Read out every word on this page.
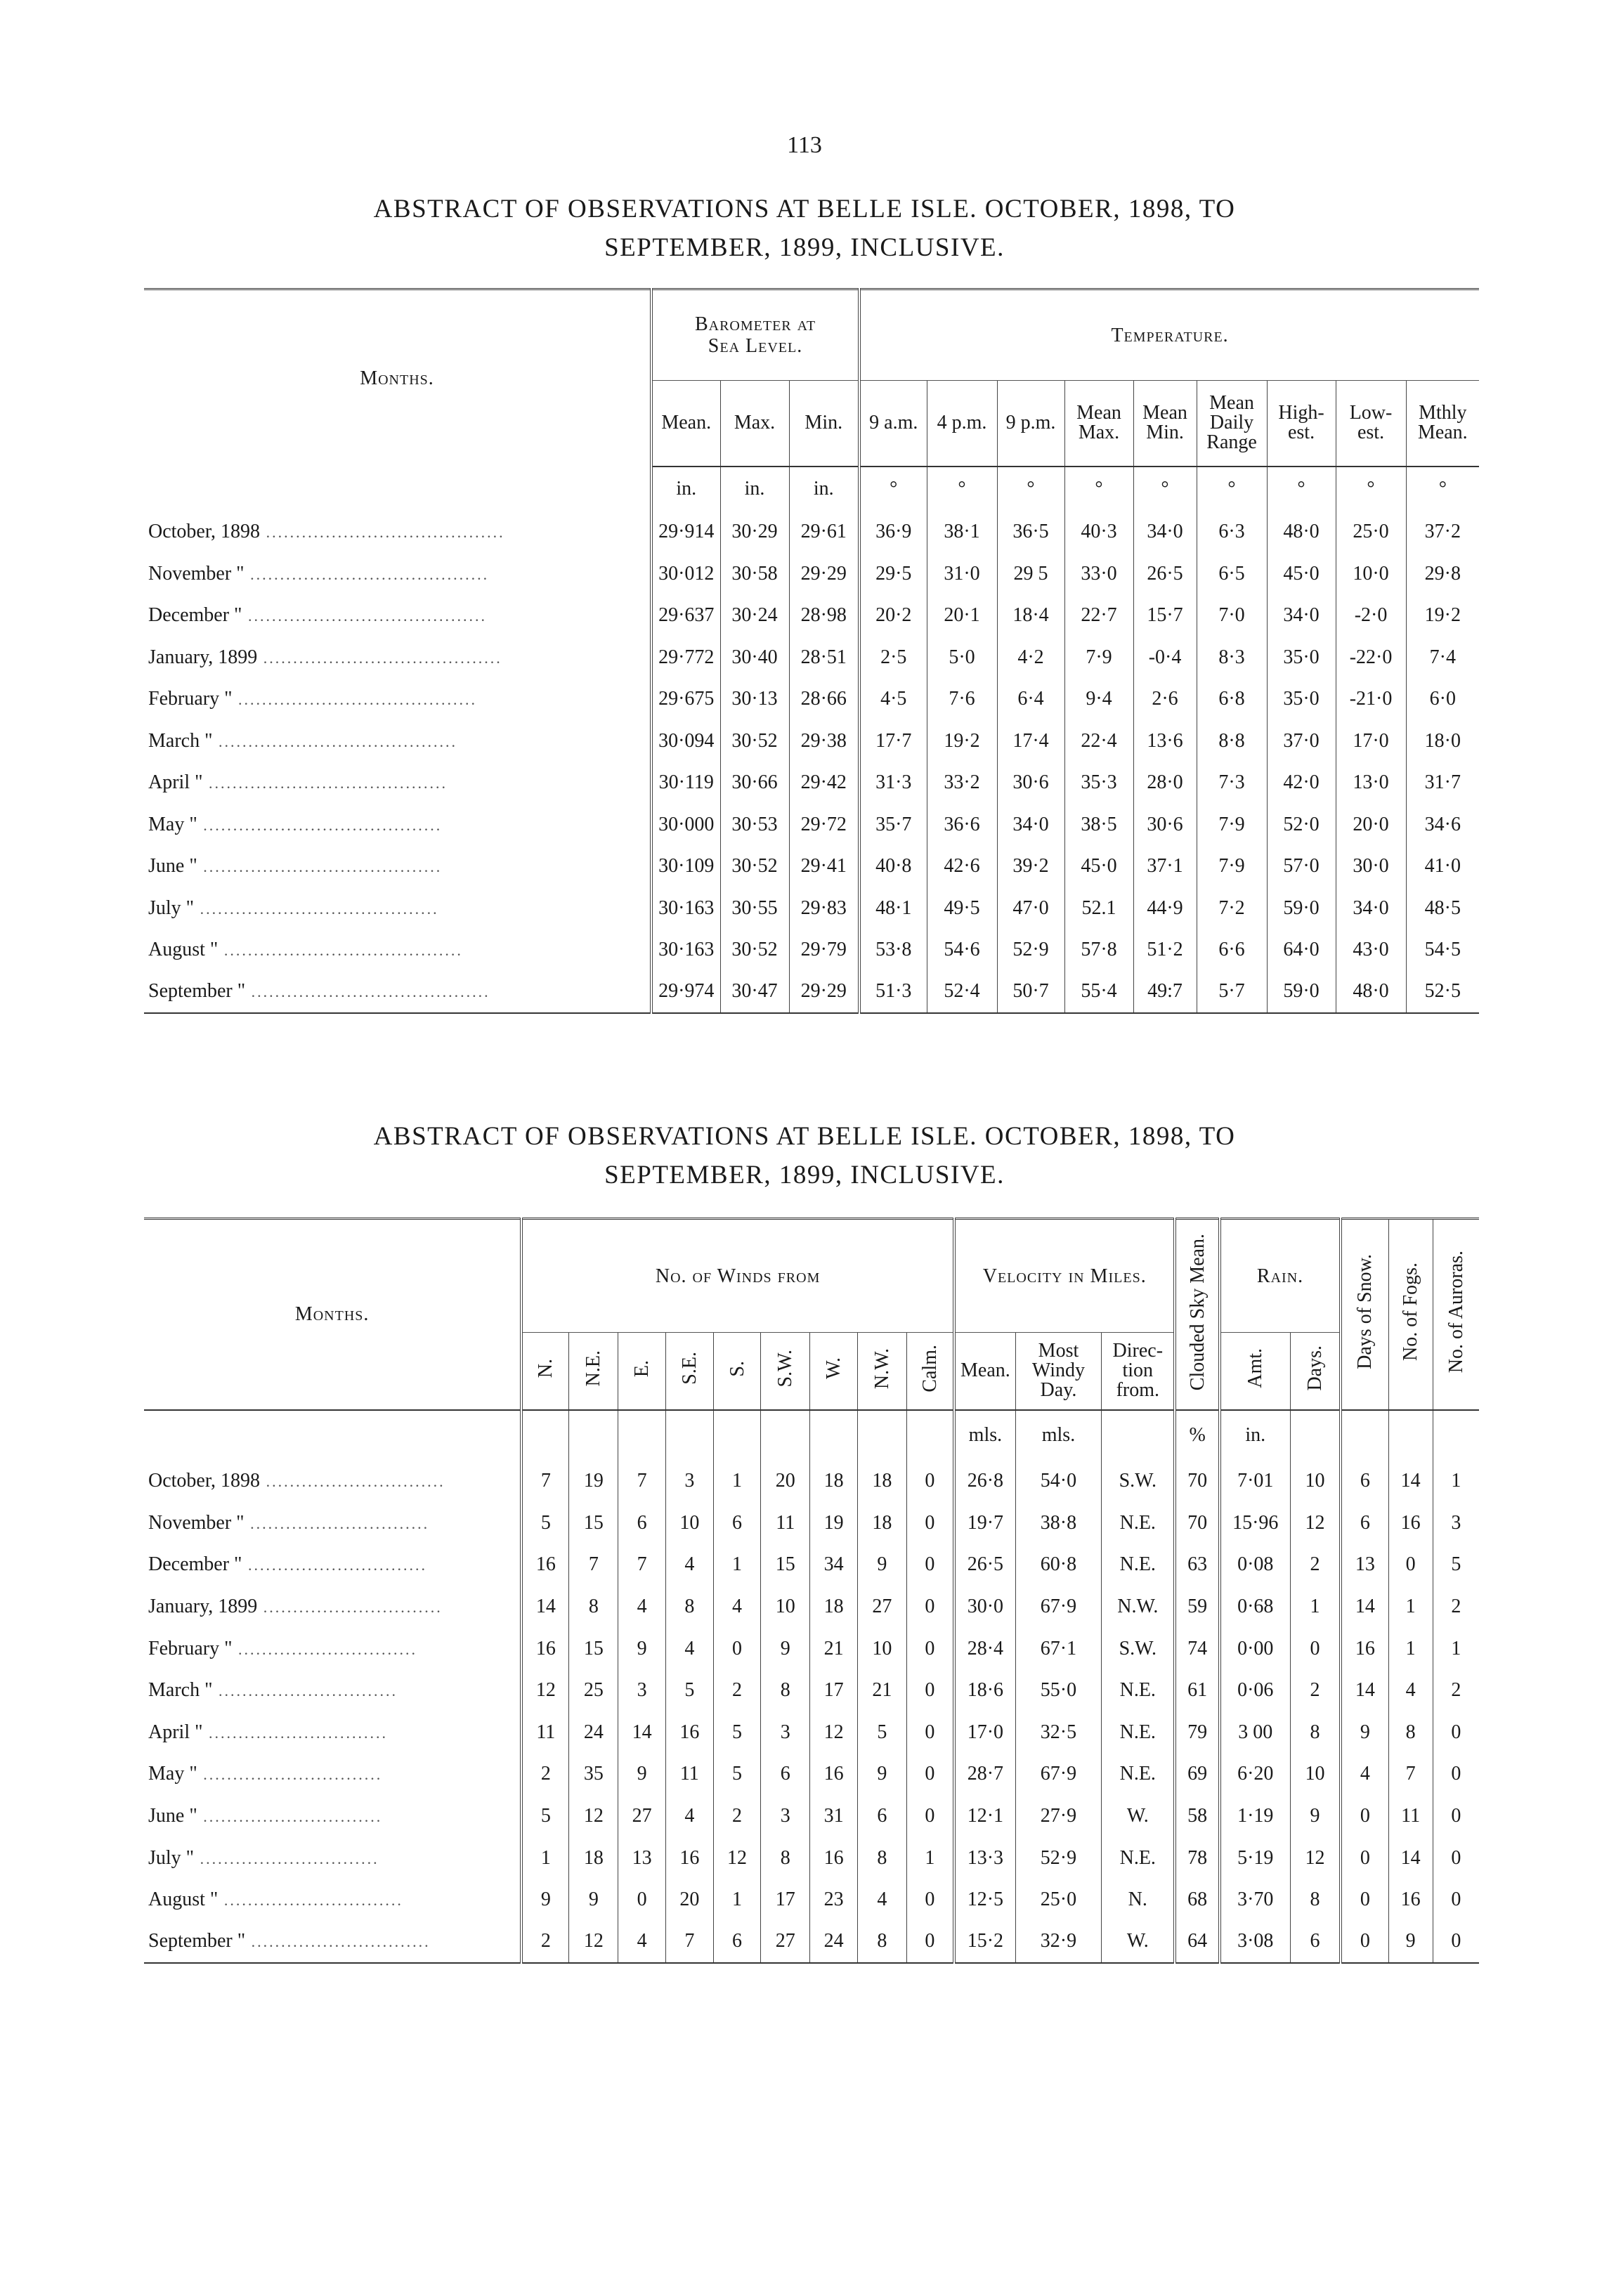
113
ABSTRACT OF OBSERVATIONS AT BELLE ISLE. OCTOBER, 1898, TO
SEPTEMBER, 1899, INCLUSIVE.
Months.	Barometer at Sea Level.			Temperature.								
	Mean.	Max.	Min.	9 a.m.	4 p.m.	9 p.m.	Mean Max.	Mean Min.	Mean Daily Range	High-est.	Low-est.	Mthly Mean.
	in.	in.	in.	°	°	°	°	°	°	°	°	°
October, 1898 ........................................	29·914	30·29	29·61	36·9	38·1	36·5	40·3	34·0	6·3	48·0	25·0	37·2
November " ........................................	30·012	30·58	29·29	29·5	31·0	29 5	33·0	26·5	6·5	45·0	10·0	29·8
December " ........................................	29·637	30·24	28·98	20·2	20·1	18·4	22·7	15·7	7·0	34·0	-2·0	19·2
January, 1899 ........................................	29·772	30·40	28·51	2·5	5·0	4·2	7·9	-0·4	8·3	35·0	-22·0	7·4
February " ........................................	29·675	30·13	28·66	4·5	7·6	6·4	9·4	2·6	6·8	35·0	-21·0	6·0
March " ........................................	30·094	30·52	29·38	17·7	19·2	17·4	22·4	13·6	8·8	37·0	17·0	18·0
April " ........................................	30·119	30·66	29·42	31·3	33·2	30·6	35·3	28·0	7·3	42·0	13·0	31·7
May " ........................................	30·000	30·53	29·72	35·7	36·6	34·0	38·5	30·6	7·9	52·0	20·0	34·6
June " ........................................	30·109	30·52	29·41	40·8	42·6	39·2	45·0	37·1	7·9	57·0	30·0	41·0
July " ........................................	30·163	30·55	29·83	48·1	49·5	47·0	52.1	44·9	7·2	59·0	34·0	48·5
August " ........................................	30·163	30·52	29·79	53·8	54·6	52·9	57·8	51·2	6·6	64·0	43·0	54·5
September " ........................................	29·974	30·47	29·29	51·3	52·4	50·7	55·4	49:7	5·7	59·0	48·0	52·5
ABSTRACT OF OBSERVATIONS AT BELLE ISLE. OCTOBER, 1898, TO
SEPTEMBER, 1899, INCLUSIVE.
Months.	No. of Winds from									Velocity in Miles.			Clouded Sky Mean.	Rain.		Days of Snow.	No. of Fogs.	No. of Auroras.
	N.	N.E.	E.	S.E.	S.	S.W.	W.	N.W.	Calm.	Mean.	Most Windy Day.	Direc-tion from.		Amt.	Days.			
										mls.	mls.		%	in.				
October, 1898 ..............................	7	19	7	3	1	20	18	18	0	26·8	54·0	S.W.	70	7·01	10	6	14	1
November " ..............................	5	15	6	10	6	11	19	18	0	19·7	38·8	N.E.	70	15·96	12	6	16	3
December " ..............................	16	7	7	4	1	15	34	9	0	26·5	60·8	N.E.	63	0·08	2	13	0	5
January, 1899 ..............................	14	8	4	8	4	10	18	27	0	30·0	67·9	N.W.	59	0·68	1	14	1	2
February " ..............................	16	15	9	4	0	9	21	10	0	28·4	67·1	S.W.	74	0·00	0	16	1	1
March " ..............................	12	25	3	5	2	8	17	21	0	18·6	55·0	N.E.	61	0·06	2	14	4	2
April " ..............................	11	24	14	16	5	3	12	5	0	17·0	32·5	N.E.	79	3 00	8	9	8	0
May " ..............................	2	35	9	11	5	6	16	9	0	28·7	67·9	N.E.	69	6·20	10	4	7	0
June " ..............................	5	12	27	4	2	3	31	6	0	12·1	27·9	W.	58	1·19	9	0	11	0
July " ..............................	1	18	13	16	12	8	16	8	1	13·3	52·9	N.E.	78	5·19	12	0	14	0
August " ..............................	9	9	0	20	1	17	23	4	0	12·5	25·0	N.	68	3·70	8	0	16	0
September " ..............................	2	12	4	7	6	27	24	8	0	15·2	32·9	W.	64	3·08	6	0	9	0
